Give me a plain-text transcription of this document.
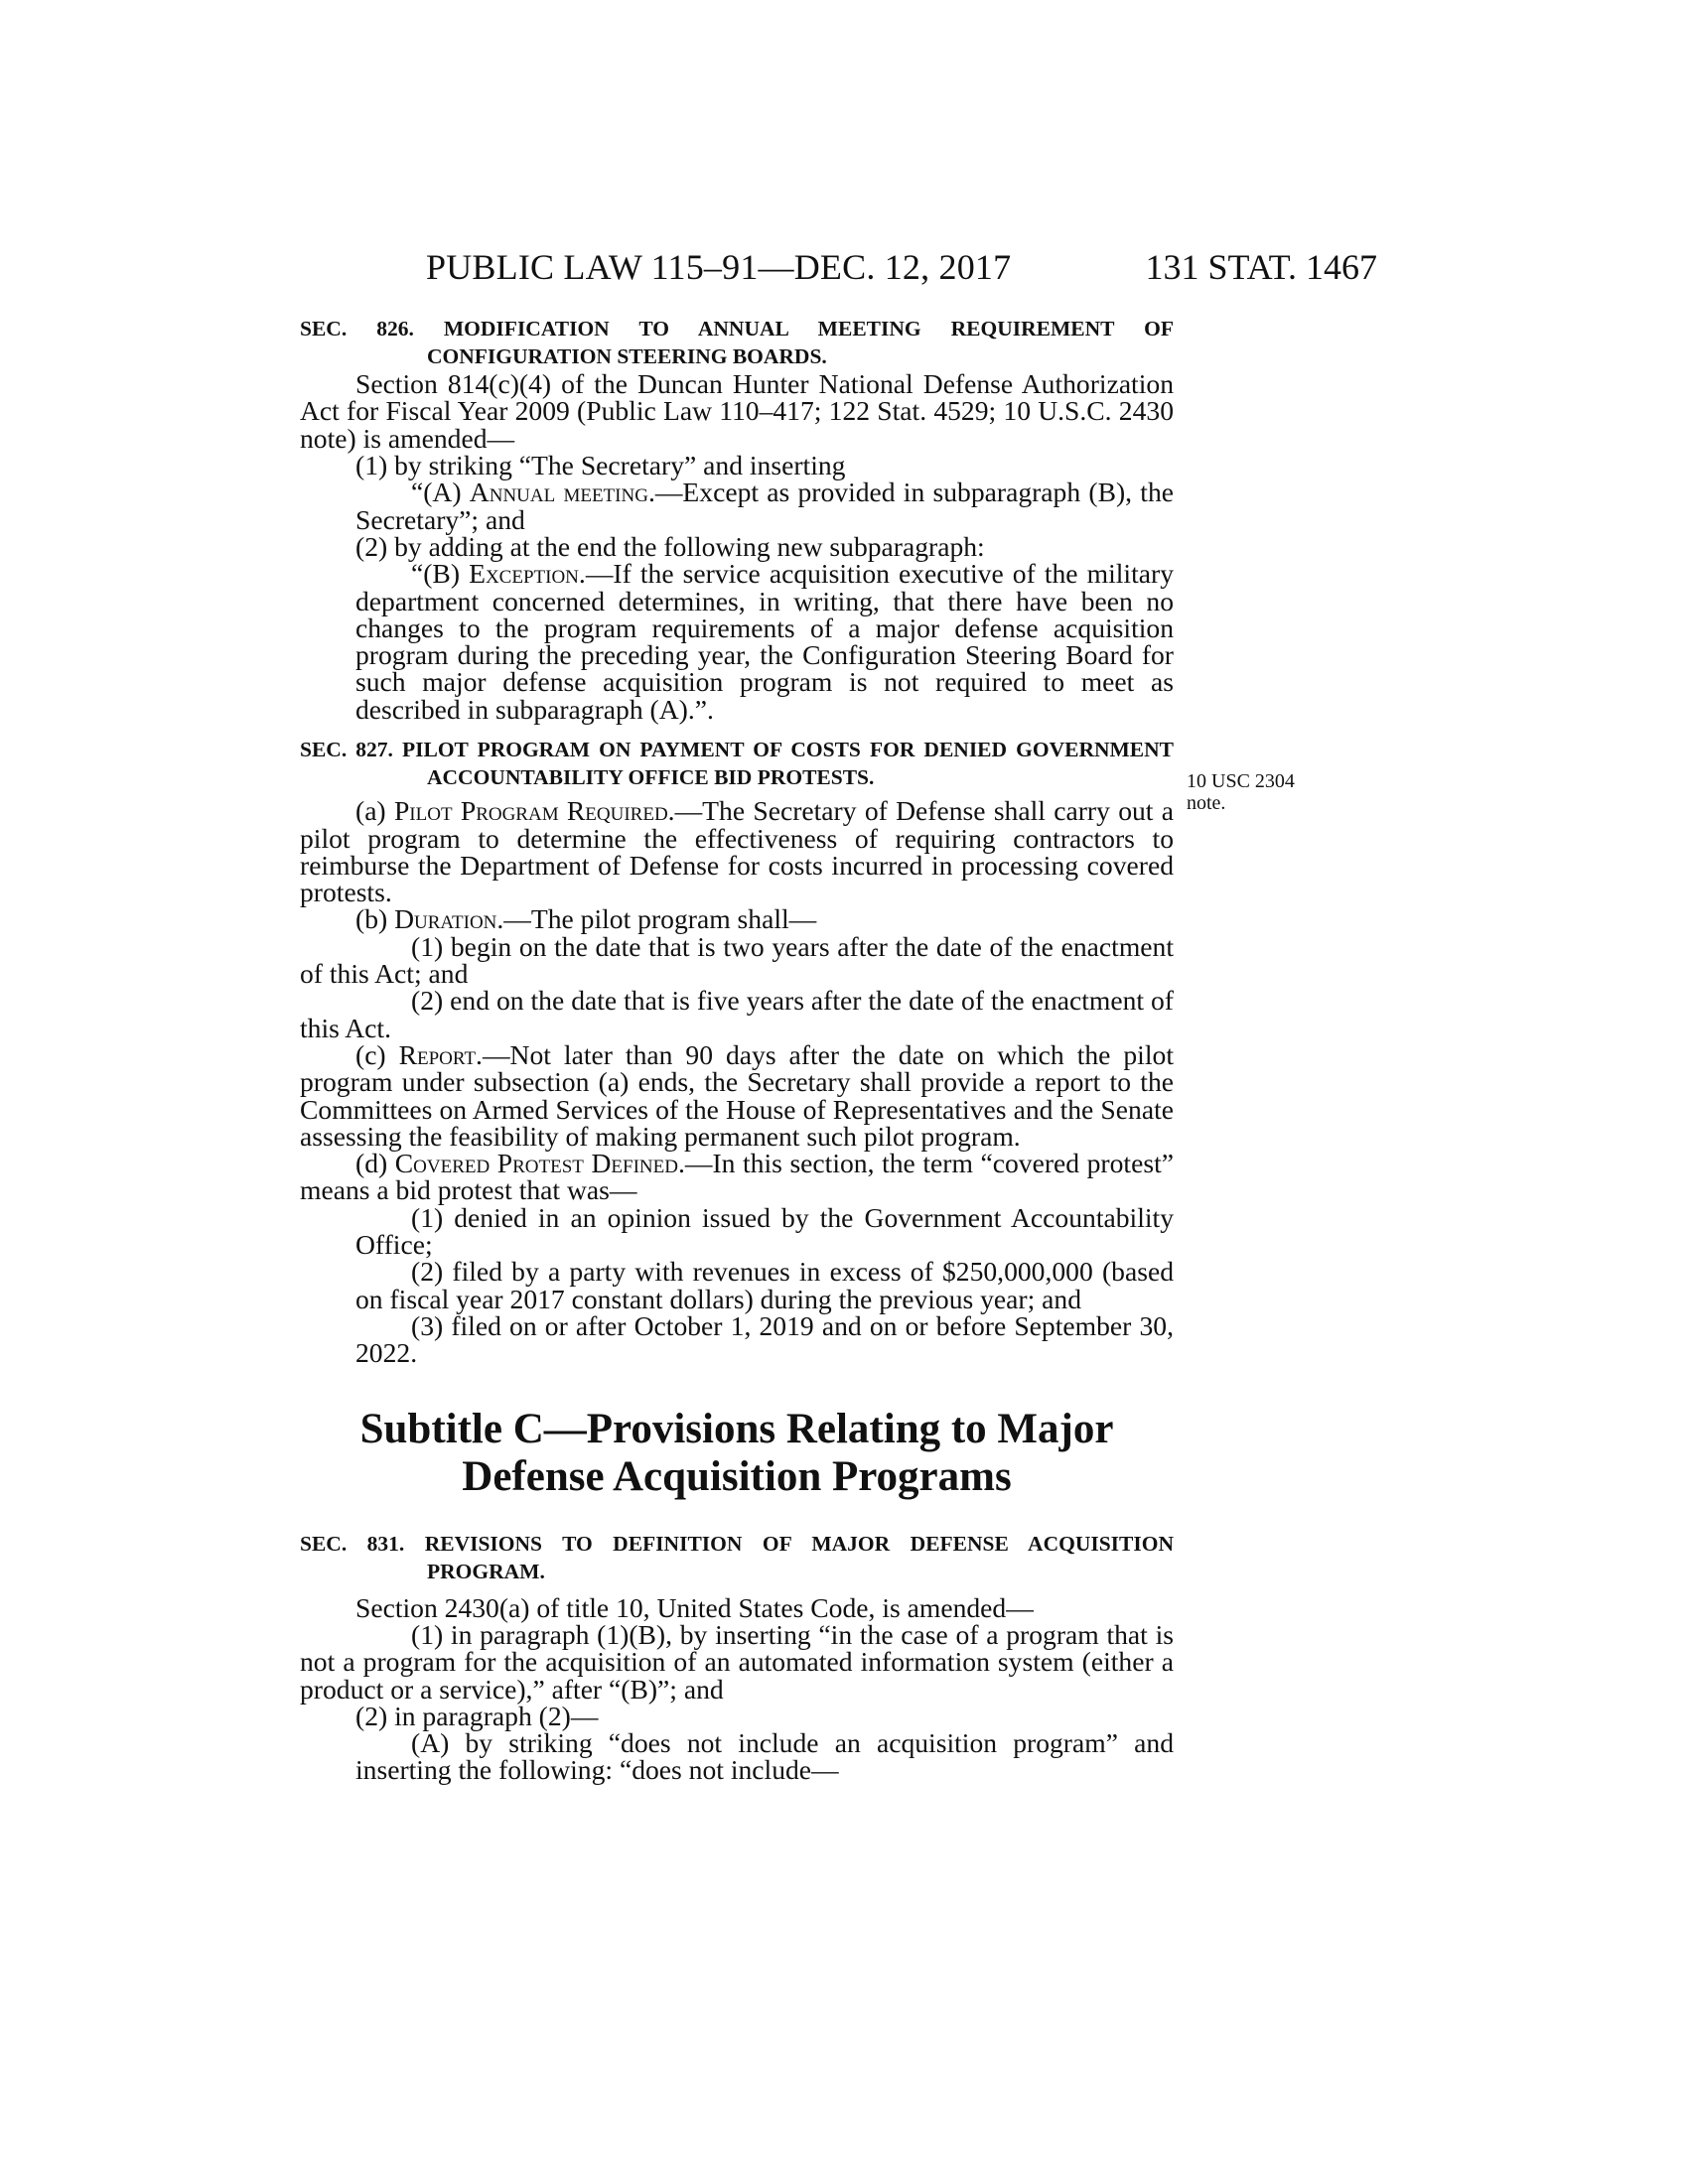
PUBLIC LAW 115–91—DEC. 12, 2017	131 STAT. 1467
10 USC 2304 note.

SEC. 826. MODIFICATION TO ANNUAL MEETING REQUIREMENT OF CONFIGURATION STEERING BOARDS.

Section 814(c)(4) of the Duncan Hunter National Defense Authorization Act for Fiscal Year 2009 (Public Law 110–417; 122 Stat. 4529; 10 U.S.C. 2430 note) is amended—

(1) by striking “The Secretary” and inserting

“(A) Annual meeting.—Except as provided in subparagraph (B), the Secretary”; and

(2) by adding at the end the following new subparagraph:

“(B) Exception.—If the service acquisition executive of the military department concerned determines, in writing, that there have been no changes to the program requirements of a major defense acquisition program during the preceding year, the Configuration Steering Board for such major defense acquisition program is not required to meet as described in subparagraph (A).”.

SEC. 827. PILOT PROGRAM ON PAYMENT OF COSTS FOR DENIED GOVERNMENT ACCOUNTABILITY OFFICE BID PROTESTS.

(a) Pilot Program Required.—The Secretary of Defense shall carry out a pilot program to determine the effectiveness of requiring contractors to reimburse the Department of Defense for costs incurred in processing covered protests.

(b) Duration.—The pilot program shall—

(1) begin on the date that is two years after the date of the enactment of this Act; and

(2) end on the date that is five years after the date of the enactment of this Act.

(c) Report.—Not later than 90 days after the date on which the pilot program under subsection (a) ends, the Secretary shall provide a report to the Committees on Armed Services of the House of Representatives and the Senate assessing the feasibility of making permanent such pilot program.

(d) Covered Protest Defined.—In this section, the term “covered protest” means a bid protest that was—

(1) denied in an opinion issued by the Government Accountability Office;

(2) filed by a party with revenues in excess of $250,000,000 (based on fiscal year 2017 constant dollars) during the previous year; and

(3) filed on or after October 1, 2019 and on or before September 30, 2022.

Subtitle C—Provisions Relating to Major
Defense Acquisition Programs

SEC. 831. REVISIONS TO DEFINITION OF MAJOR DEFENSE ACQUISITION PROGRAM.

Section 2430(a) of title 10, United States Code, is amended—

(1) in paragraph (1)(B), by inserting “in the case of a program that is not a program for the acquisition of an automated information system (either a product or a service),” after “(B)”; and

(2) in paragraph (2)—

(A) by striking “does not include an acquisition program” and inserting the following: “does not include—
